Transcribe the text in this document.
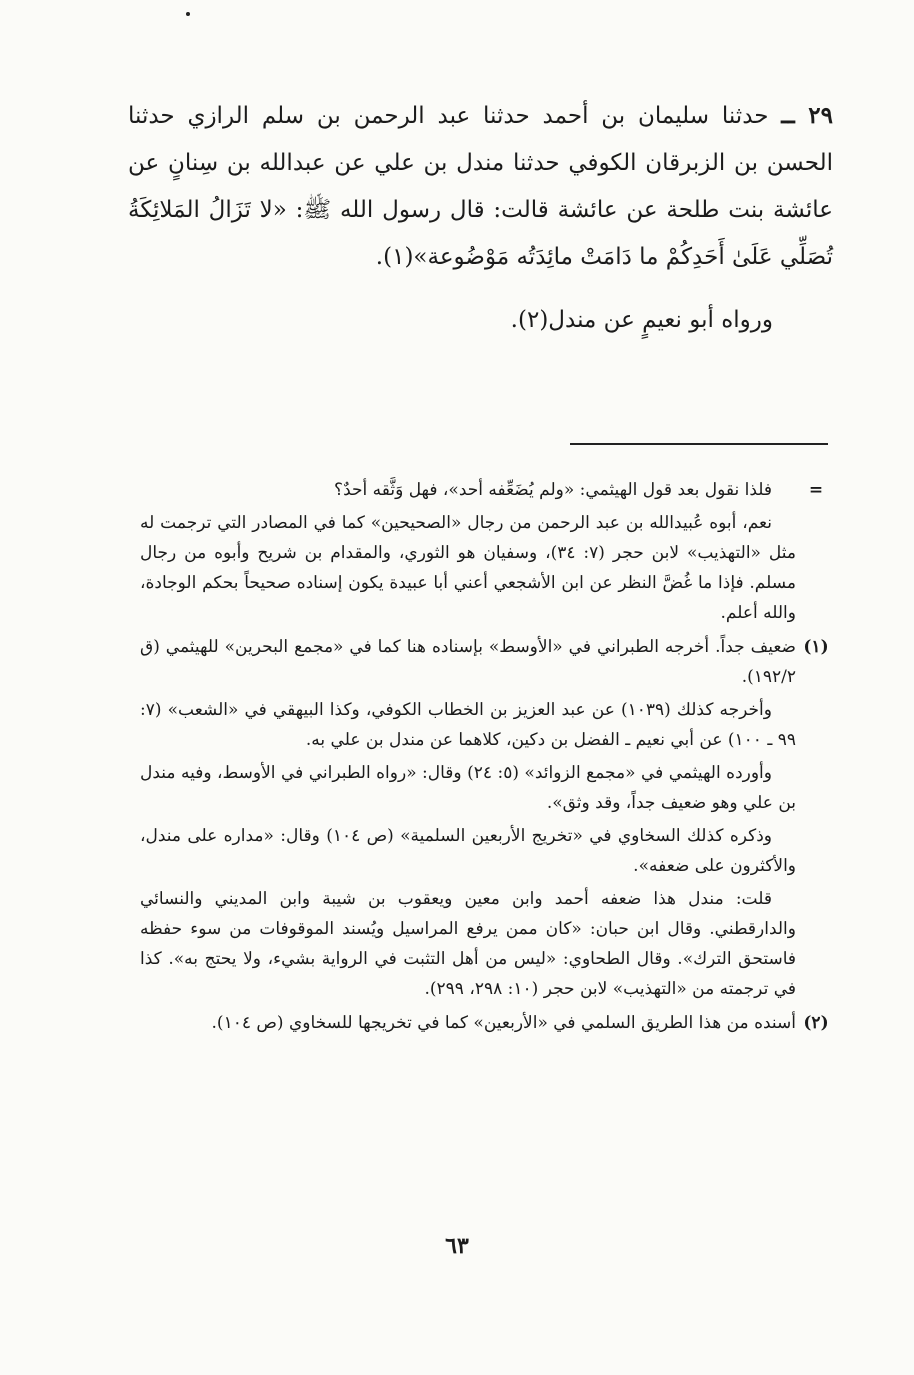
٢٩ ــ حدثنا سليمان بن أحمد حدثنا عبد الرحمن بن سلم الرازي حدثنا الحسن بن الزبرقان الكوفي حدثنا مندل بن علي عن عبدالله بن سِنانٍ عن عائشة بنت طلحة عن عائشة قالت: قال رسول الله ﷺ: «لا تَزَالُ المَلائِكَةُ تُصَلِّي عَلَىٰ أَحَدِكُمْ ما دَامَتْ مائِدَتُه مَوْضُوعة»(١).

ورواه أبو نعيمٍ عن مندل(٢).

=

فلذا نقول بعد قول الهيثمي: «ولم يُضَعِّفه أحد»، فهل وَثَّقه أحدٌ؟

نعم، أبوه عُبيدالله بن عبد الرحمن من رجال «الصحيحين» كما في المصادر التي ترجمت له مثل «التهذيب» لابن حجر (٧: ٣٤)، وسفيان هو الثوري، والمقدام بن شريح وأبوه من رجال مسلم. فإذا ما غُضَّ النظر عن ابن الأشجعي أعني أبا عبيدة يكون إسناده صحيحاً بحكم الوجادة، والله أعلم.

(١)

ضعيف جداً. أخرجه الطبراني في «الأوسط» بإسناده هنا كما في «مجمع البحرين» للهيثمي (ق ١٩٢/٢).

وأخرجه كذلك (١٠٣٩) عن عبد العزيز بن الخطاب الكوفي، وكذا البيهقي في «الشعب» (٧: ٩٩ ـ ١٠٠) عن أبي نعيم ـ الفضل بن دكين، كلاهما عن مندل بن علي به.

وأورده الهيثمي في «مجمع الزوائد» (٥: ٢٤) وقال: «رواه الطبراني في الأوسط، وفيه مندل بن علي وهو ضعيف جداً، وقد وثق».

وذكره كذلك السخاوي في «تخريج الأربعين السلمية» (ص ١٠٤) وقال: «مداره على مندل، والأكثرون على ضعفه».

قلت: مندل هذا ضعفه أحمد وابن معين ويعقوب بن شيبة وابن المديني والنسائي والدارقطني. وقال ابن حبان: «كان ممن يرفع المراسيل ويُسند الموقوفات من سوء حفظه فاستحق الترك». وقال الطحاوي: «ليس من أهل التثبت في الرواية بشيء، ولا يحتج به». كذا في ترجمته من «التهذيب» لابن حجر (١٠: ٢٩٨، ٢٩٩).

(٢)

أسنده من هذا الطريق السلمي في «الأربعين» كما في تخريجها للسخاوي (ص ١٠٤).

٦٣
